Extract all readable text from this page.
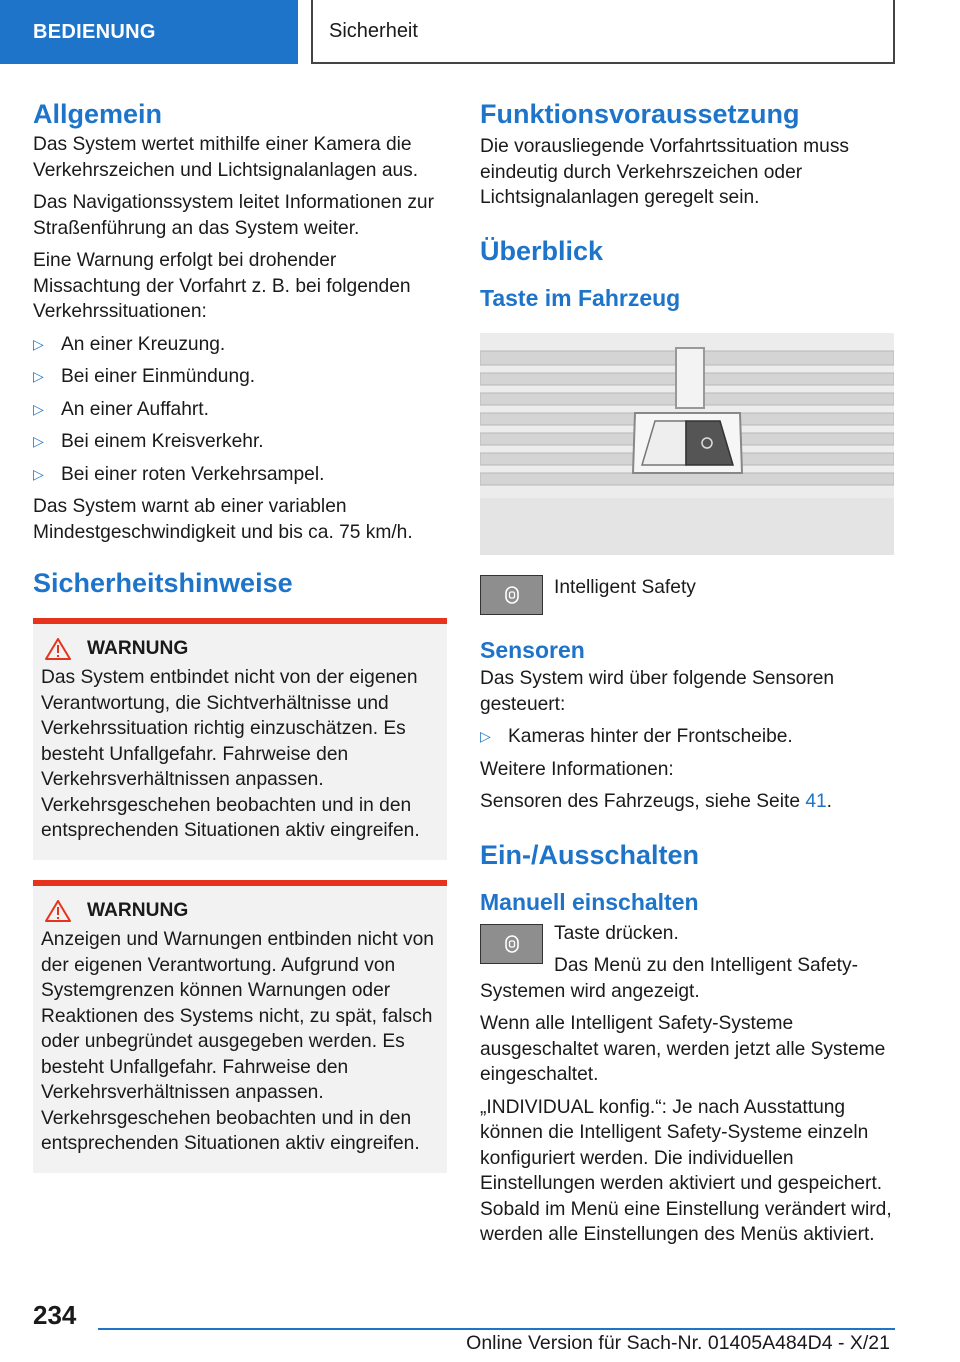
BEDIENUNG	Sicherheit
Allgemein

Das System wertet mithilfe einer Kamera die Verkehrszeichen und Lichtsignalanlagen aus.

Das Navigationssystem leitet Informationen zur Straßenführung an das System weiter.

Eine Warnung erfolgt bei drohender Missachtung der Vorfahrt z. B. bei folgenden Verkehrssituationen:

▷ An einer Kreuzung.
▷ Bei einer Einmündung.
▷ An einer Auffahrt.
▷ Bei einem Kreisverkehr.
▷ Bei einer roten Verkehrsampel.

Das System warnt ab einer variablen Mindestgeschwindigkeit und bis ca. 75 km/h.

Sicherheitshinweise
WARNUNG

Das System entbindet nicht von der eigenen Verantwortung, die Sichtverhältnisse und Verkehrssituation richtig einzuschätzen. Es besteht Unfallgefahr. Fahrweise den Verkehrsverhältnissen anpassen. Verkehrsgeschehen beobachten und in den entsprechenden Situationen aktiv eingreifen.

WARNUNG

Anzeigen und Warnungen entbinden nicht von der eigenen Verantwortung. Aufgrund von Systemgrenzen können Warnungen oder Reaktionen des Systems nicht, zu spät, falsch oder unbegründet ausgegeben werden. Es besteht Unfallgefahr. Fahrweise den Verkehrsverhältnissen anpassen. Verkehrsgeschehen beobachten und in den entsprechenden Situationen aktiv eingreifen.

Funktionsvoraussetzung

Die vorausliegende Vorfahrtssituation muss eindeutig durch Verkehrszeichen oder Lichtsignalanlagen geregelt sein.

Überblick
Taste im Fahrzeug
Intelligent Safety
Sensoren

Das System wird über folgende Sensoren gesteuert:

▷ Kameras hinter der Frontscheibe.

Weitere Informationen:

Sensoren des Fahrzeugs, siehe Seite 41.

Ein-/Ausschalten
Manuell einschalten

Taste drücken.

Das Menü zu den Intelligent Safety-Systemen wird angezeigt.

Wenn alle Intelligent Safety-Systeme ausgeschaltet waren, werden jetzt alle Systeme eingeschaltet.

„INDIVIDUAL konfig.“: Je nach Ausstattung können die Intelligent Safety-Systeme einzeln konfiguriert werden. Die individuellen Einstellungen werden aktiviert und gespeichert. Sobald im Menü eine Einstellung verändert wird, werden alle Einstellungen des Menüs aktiviert.

234
Online Version für Sach-Nr. 01405A484D4 - X/21
